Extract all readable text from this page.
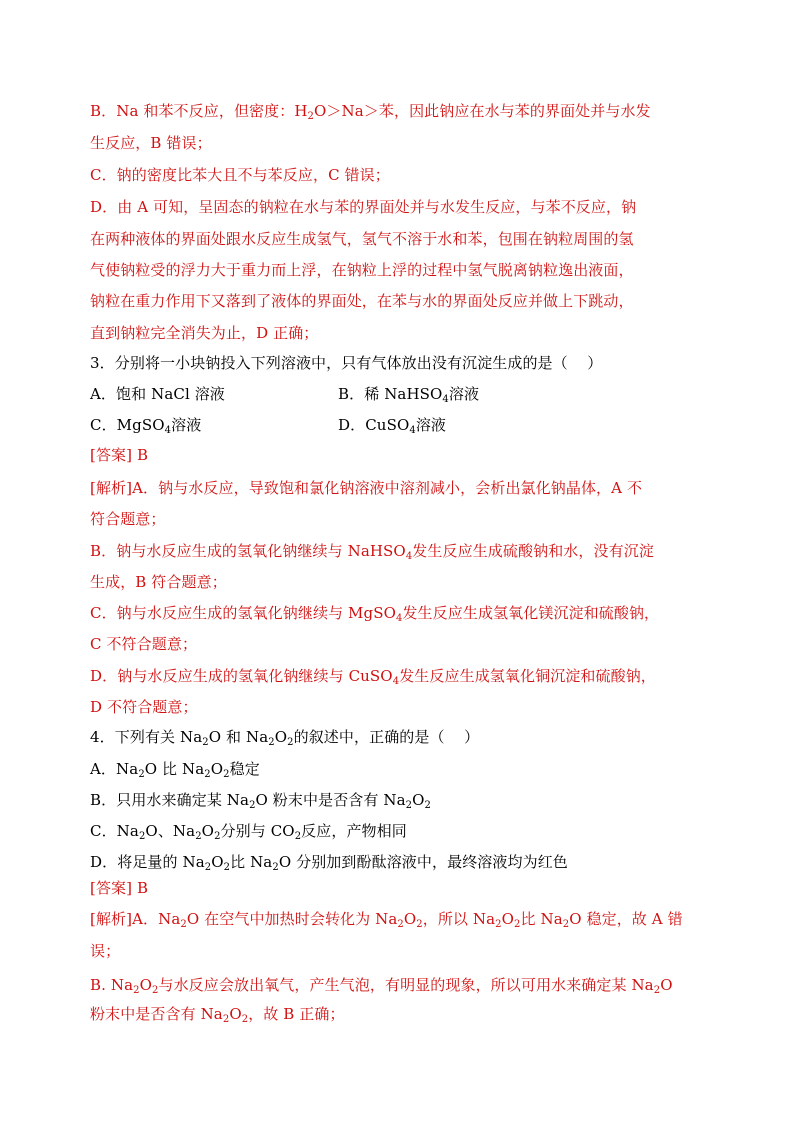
B．Na 和苯不反应，但密度：$H_2O>Na>$苯，因此钠应在水与苯的界面处并与水发
生反应，B 错误；
C．钠的密度比苯大且不与苯反应，C 错误；
D．由 A 可知，呈固态的钠粒在水与苯的界面处并与水发生反应，与苯不反应，钠
在两种液体的界面处跟水反应生成氢气，氢气不溶于水和苯，包围在钠粒周围的氢
气使钠粒受的浮力大于重力而上浮，在钠粒上浮的过程中氢气脱离钠粒逸出液面，
钠粒在重力作用下又落到了液体的界面处，在苯与水的界面处反应并做上下跳动，
直到钠粒完全消失为止，D 正确；
3．分别将一小块钠投入下列溶液中，只有气体放出没有沉淀生成的是（    ）
A．饱和 NaCl 溶液	B．稀 NaHSO$_4$溶液
C．MgSO$_4$溶液	D．CuSO$_4$溶液
[答案] B
[解析]A．钠与水反应，导致饱和氯化钠溶液中溶剂减小，会析出氯化钠晶体，A 不
符合题意；
B．钠与水反应生成的氢氧化钠继续与 NaHSO$_4$发生反应生成硫酸钠和水，没有沉淀
生成，B 符合题意；
C．钠与水反应生成的氢氧化钠继续与 MgSO$_4$发生反应生成氢氧化镁沉淀和硫酸钠，
C 不符合题意；
D．钠与水反应生成的氢氧化钠继续与 CuSO$_4$发生反应生成氢氧化铜沉淀和硫酸钠，
D 不符合题意；
4．下列有关 $Na_2O$ 和 $Na_2O_2$的叙述中，正确的是（    ）
A．$Na_2O$ 比 $Na_2O_2$稳定
B．只用水来确定某 $Na_2O$ 粉末中是否含有 $Na_2O_2$
C．$Na_2O$、$Na_2O_2$分别与 $CO_2$反应，产物相同
D．将足量的 $Na_2O_2$比 $Na_2O$ 分别加到酚酞溶液中，最终溶液均为红色
[答案] B
[解析]A．$Na_2O$ 在空气中加热时会转化为 $Na_2O_2$，所以 $Na_2O_2$比 $Na_2O$ 稳定，故 A 错
误；
B. $Na_2O_2$与水反应会放出氧气，产生气泡，有明显的现象，所以可用水来确定某 $Na_2O$
粉末中是否含有 $Na_2O_2$，故 B 正确；
